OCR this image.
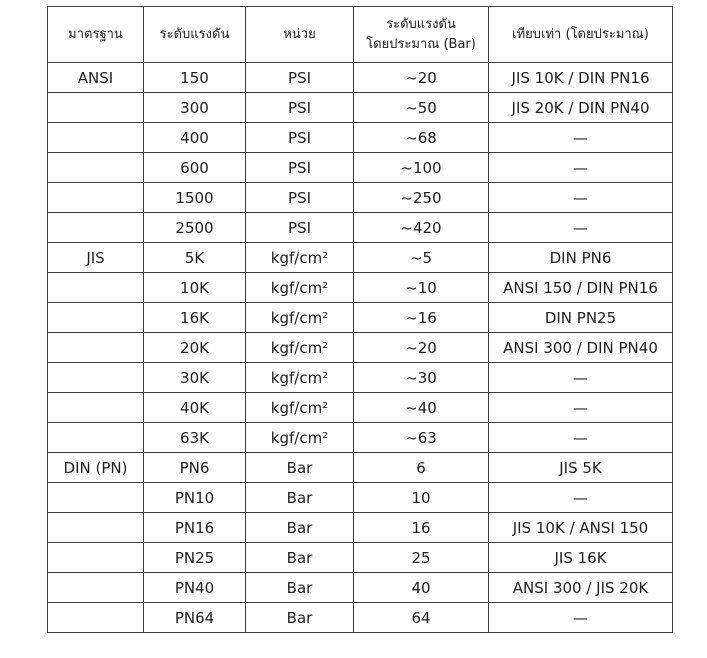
มาตรฐาน	ระดับแรงดัน	หน่วย	ระดับแรงดัน
โดยประมาณ (Bar)	เทียบเท่า (โดยประมาณ)
ANSI	150	PSI	~20	JIS 10K / DIN PN16
	300	PSI	~50	JIS 20K / DIN PN40
	400	PSI	~68	—
	600	PSI	~100	—
	1500	PSI	~250	—
	2500	PSI	~420	—
JIS	5K	kgf/cm²	~5	DIN PN6
	10K	kgf/cm²	~10	ANSI 150 / DIN PN16
	16K	kgf/cm²	~16	DIN PN25
	20K	kgf/cm²	~20	ANSI 300 / DIN PN40
	30K	kgf/cm²	~30	—
	40K	kgf/cm²	~40	—
	63K	kgf/cm²	~63	—
DIN (PN)	PN6	Bar	6	JIS 5K
	PN10	Bar	10	—
	PN16	Bar	16	JIS 10K / ANSI 150
	PN25	Bar	25	JIS 16K
	PN40	Bar	40	ANSI 300 / JIS 20K
	PN64	Bar	64	—
